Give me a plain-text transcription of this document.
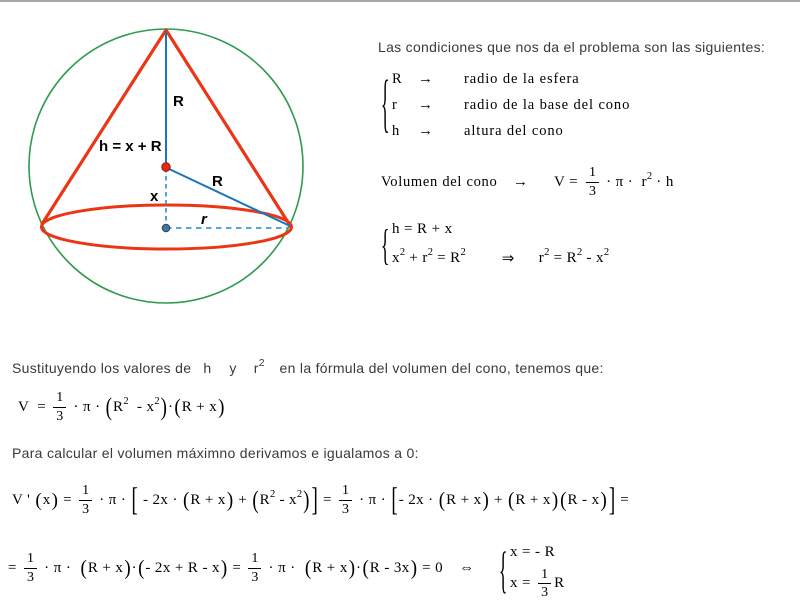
R
h = x + R
R
x
r
Las condiciones que nos da el problema son las siguientes:
{ R	→	radio de la esfera
r	→	radio de la base del cono
h	→	altura del cono
Volumen del cono	→ $V = \frac{1}{3} \cdot \pi \cdot r$ 2 · h
{ h = R + x
x 2 + r 2 = R 2 ⇒ r 2 = R 2 - x 2
Sustituyendo los valores de h y r 2 en la fórmula del volumen del cono, tenemos que:
$V = \frac{1}{3} \cdot \pi$ · ( R 2 - x 2 ) · ( R + x )
Para calcular el volumen máximno derivamos e igualamos a 0:
V ' ( x ) = $\frac{1}{3} \cdot \pi$ · [ - 2x · ( R + x ) + ( R 2 - x 2 ) ] = $\frac{1}{3} \cdot \pi$ · [ - 2x · ( R + x ) + ( R + x ) ( R - x ) ] =
= $\frac{1}{3} \cdot \pi$ · ( R + x ) · ( - 2x + R - x ) = $\frac{1}{3} \cdot \pi$ · ( R + x ) · ( R - 3x ) = 0 ⇔ { x = - R
$x = \frac{1}{3}$ R
